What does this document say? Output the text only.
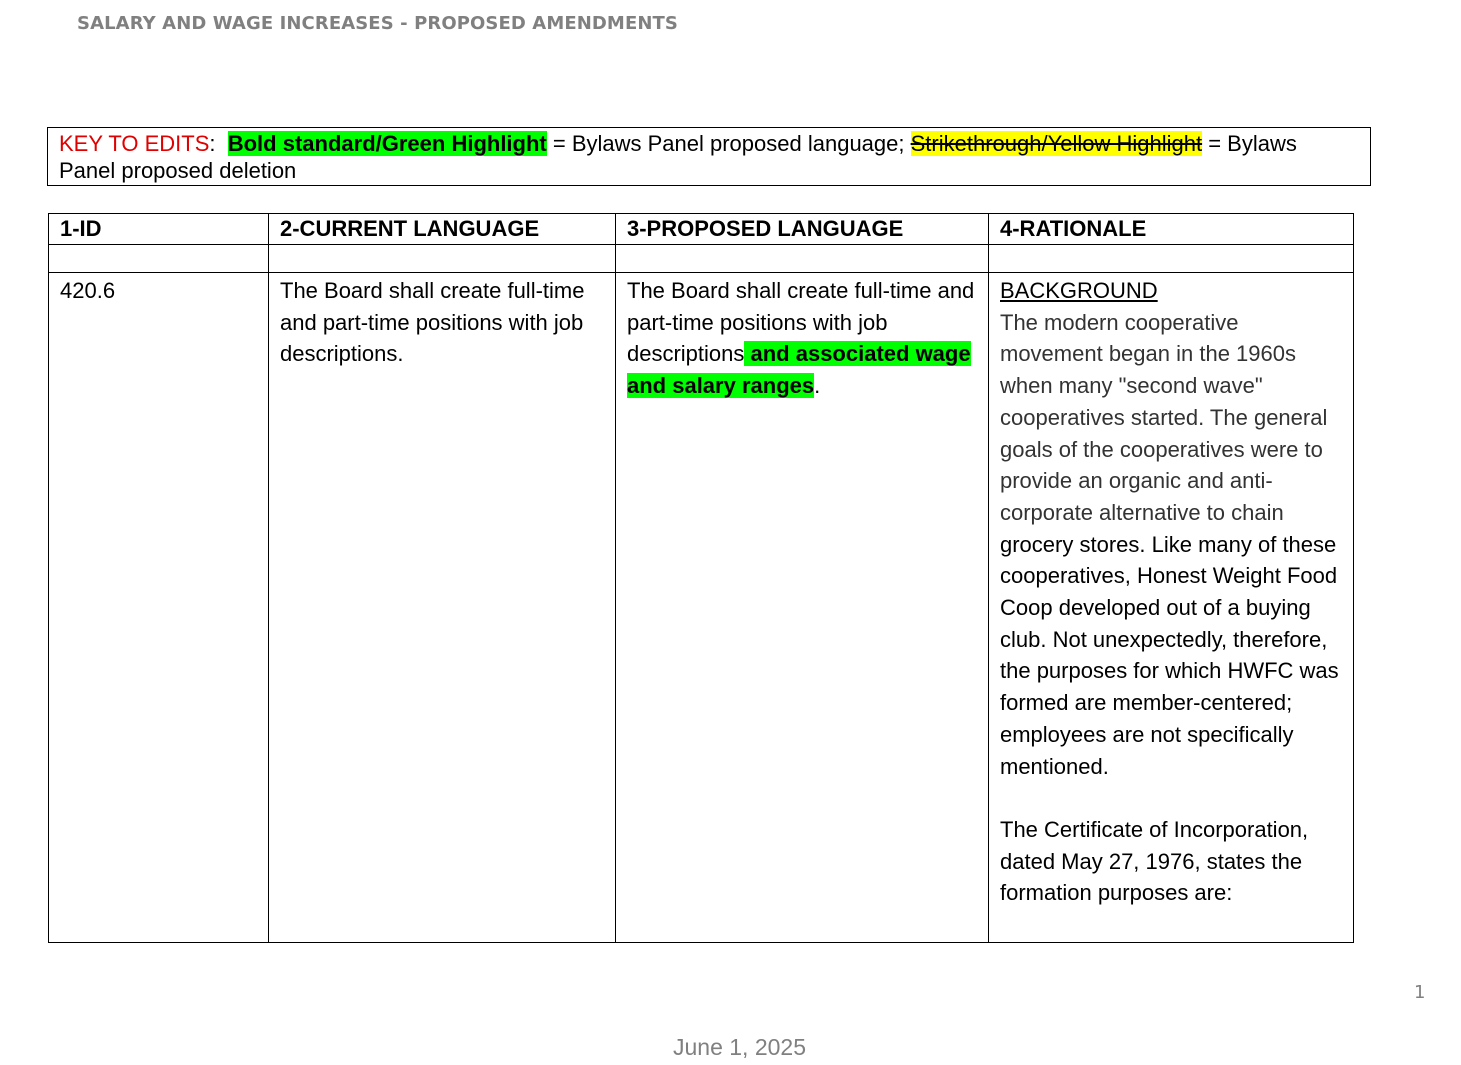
SALARY AND WAGE INCREASES - PROPOSED AMENDMENTS
KEY TO EDITS:  Bold standard/Green Highlight = Bylaws Panel proposed language; Strikethrough/Yellow Highlight = Bylaws Panel proposed deletion
1-ID	2-CURRENT LANGUAGE	3-PROPOSED LANGUAGE	4-RATIONALE

420.6	The Board shall create full-time and part-time positions with job descriptions.	The Board shall create full-time and part-time positions with job descriptions and associated wage and salary ranges.	BACKGROUND
The modern cooperative movement began in the 1960s when many "second wave" cooperatives started. The general goals of the cooperatives were to provide an organic and anti-corporate alternative to chain grocery stores. Like many of these cooperatives, Honest Weight Food Coop developed out of a buying club. Not unexpectedly, therefore, the purposes for which HWFC was formed are member-centered; employees are not specifically mentioned.
The Certificate of Incorporation, dated May 27, 1976, states the formation purposes are:
1
June 1, 2025
